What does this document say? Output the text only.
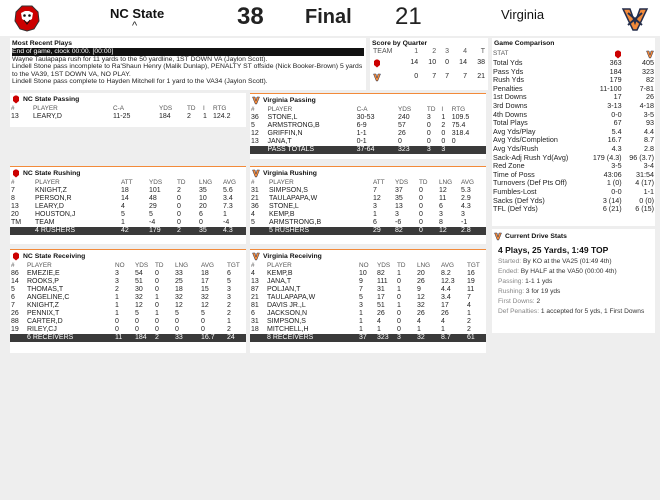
NC State
^	38 Final 21	Virginia
Most Recent Plays
End of game, clock 00:00. [00:00]
Wayne Taulapapa rush for 11 yards to the 50 yardline, 1ST DOWN VA (Jaylon Scott).
Lindell Stone pass incomplete to Ra'Shaun Henry (Malik Dunlap), PENALTY ST offside (Nick Booker-Brown) 5 yards to the VA39, 1ST DOWN VA, NO PLAY.
Lindell Stone pass complete to Hayden Mitchell for 1 yard to the VA34 (Jaylon Scott).
Score by Quarter
TEAM	1	2	3	4	T

	14	10	0	14	38

	0	7	7	7	21
Game Comparison
STAT	

Total Yds	363	405
Pass Yds	184	323
Rush Yds	179	82
Penalties	11-100	7-81
1st Downs	17	26
3rd Downs	3-13	4-18
4th Downs	0-0	3-5
Total Plays	67	93
Avg Yds/Play	5.4	4.4
Avg Yds/Completion	16.7	8.7
Avg Yds/Rush	4.3	2.8
Sack-Adj Rush Yd(Avg)	179 (4.3)	96 (3.7)
Red Zone	3-5	3-4
Time of Poss	43:06	31:54
Turnovers (Def Pts Off)	1 (0)	4 (17)
Fumbles-Lost	0-0	1-1
Sacks (Def Yds)	3 (14)	0 (0)
TFL (Def Yds)	6 (21)	6 (15)
NC State Passing
#	PLAYER	C-A	YDS	TD	I	RTG
13	LEARY,D	11-25	184	2	1	124.2
Virginia Passing
#	PLAYER	C-A	YDS	TD	I	RTG
36	STONE,L	30-53	240	3	1	109.5
5	ARMSTRONG,B	6-9	57	0	2	75.4
12	GRIFFIN,N	1-1	26	0	0	318.4
13	JANA,T	0-1	0	0	0	0
	PASS TOTALS	37-64	323	3	3	
NC State Rushing
#	PLAYER	ATT	YDS	TD	LNG	AVG
7	KNIGHT,Z	18	101	2	35	5.6
8	PERSON,R	14	48	0	10	3.4
13	LEARY,D	4	29	0	20	7.3
20	HOUSTON,J	5	5	0	6	1
TM	TEAM	1	-4	0	0	-4
	4 RUSHERS	42	179	2	35	4.3
Virginia Rushing
#	PLAYER	ATT	YDS	TD	LNG	AVG
31	SIMPSON,S	7	37	0	12	5.3
21	TAULAPAPA,W	12	35	0	11	2.9
36	STONE,L	3	13	0	6	4.3
4	KEMP,B	1	3	0	3	3
5	ARMSTRONG,B	6	-6	0	8	-1
	5 RUSHERS	29	82	0	12	2.8
NC State Receiving
#	PLAYER	NO	YDS	TD	LNG	AVG	TGT
86	EMEZIE,E	3	54	0	33	18	6
14	ROOKS,P	3	51	0	25	17	5
5	THOMAS,T	2	30	0	18	15	3
6	ANGELINE,C	1	32	1	32	32	3
7	KNIGHT,Z	1	12	0	12	12	2
26	PENNIX,T	1	5	1	5	5	2
88	CARTER,D	0	0	0	0	0	1
19	RILEY,CJ	0	0	0	0	0	2
	6 RECEIVERS	11	184	2	33	16.7	24
Virginia Receiving
#	PLAYER	NO	YDS	TD	LNG	AVG	TGT
4	KEMP,B	10	82	1	20	8.2	16
13	JANA,T	9	111	0	26	12.3	19
87	POLJAN,T	7	31	1	9	4.4	11
21	TAULAPAPA,W	5	17	0	12	3.4	7
81	DAVIS JR.,L	3	51	1	32	17	4
6	JACKSON,N	1	26	0	26	26	1
31	SIMPSON,S	1	4	0	4	4	2
18	MITCHELL,H	1	1	0	1	1	2
	8 RECEIVERS	37	323	3	32	8.7	61
Current Drive Stats
4 Plays, 25 Yards, 1:49 TOP
Started: By KO at the VA25 (01:49 4th)
Ended: By HALF at the VA50 (00:00 4th)
Passing: 1-1 1 yds
Rushing: 3 for 19 yds
First Downs: 2
Def Penalties: 1 accepted for 5 yds, 1 First Downs
